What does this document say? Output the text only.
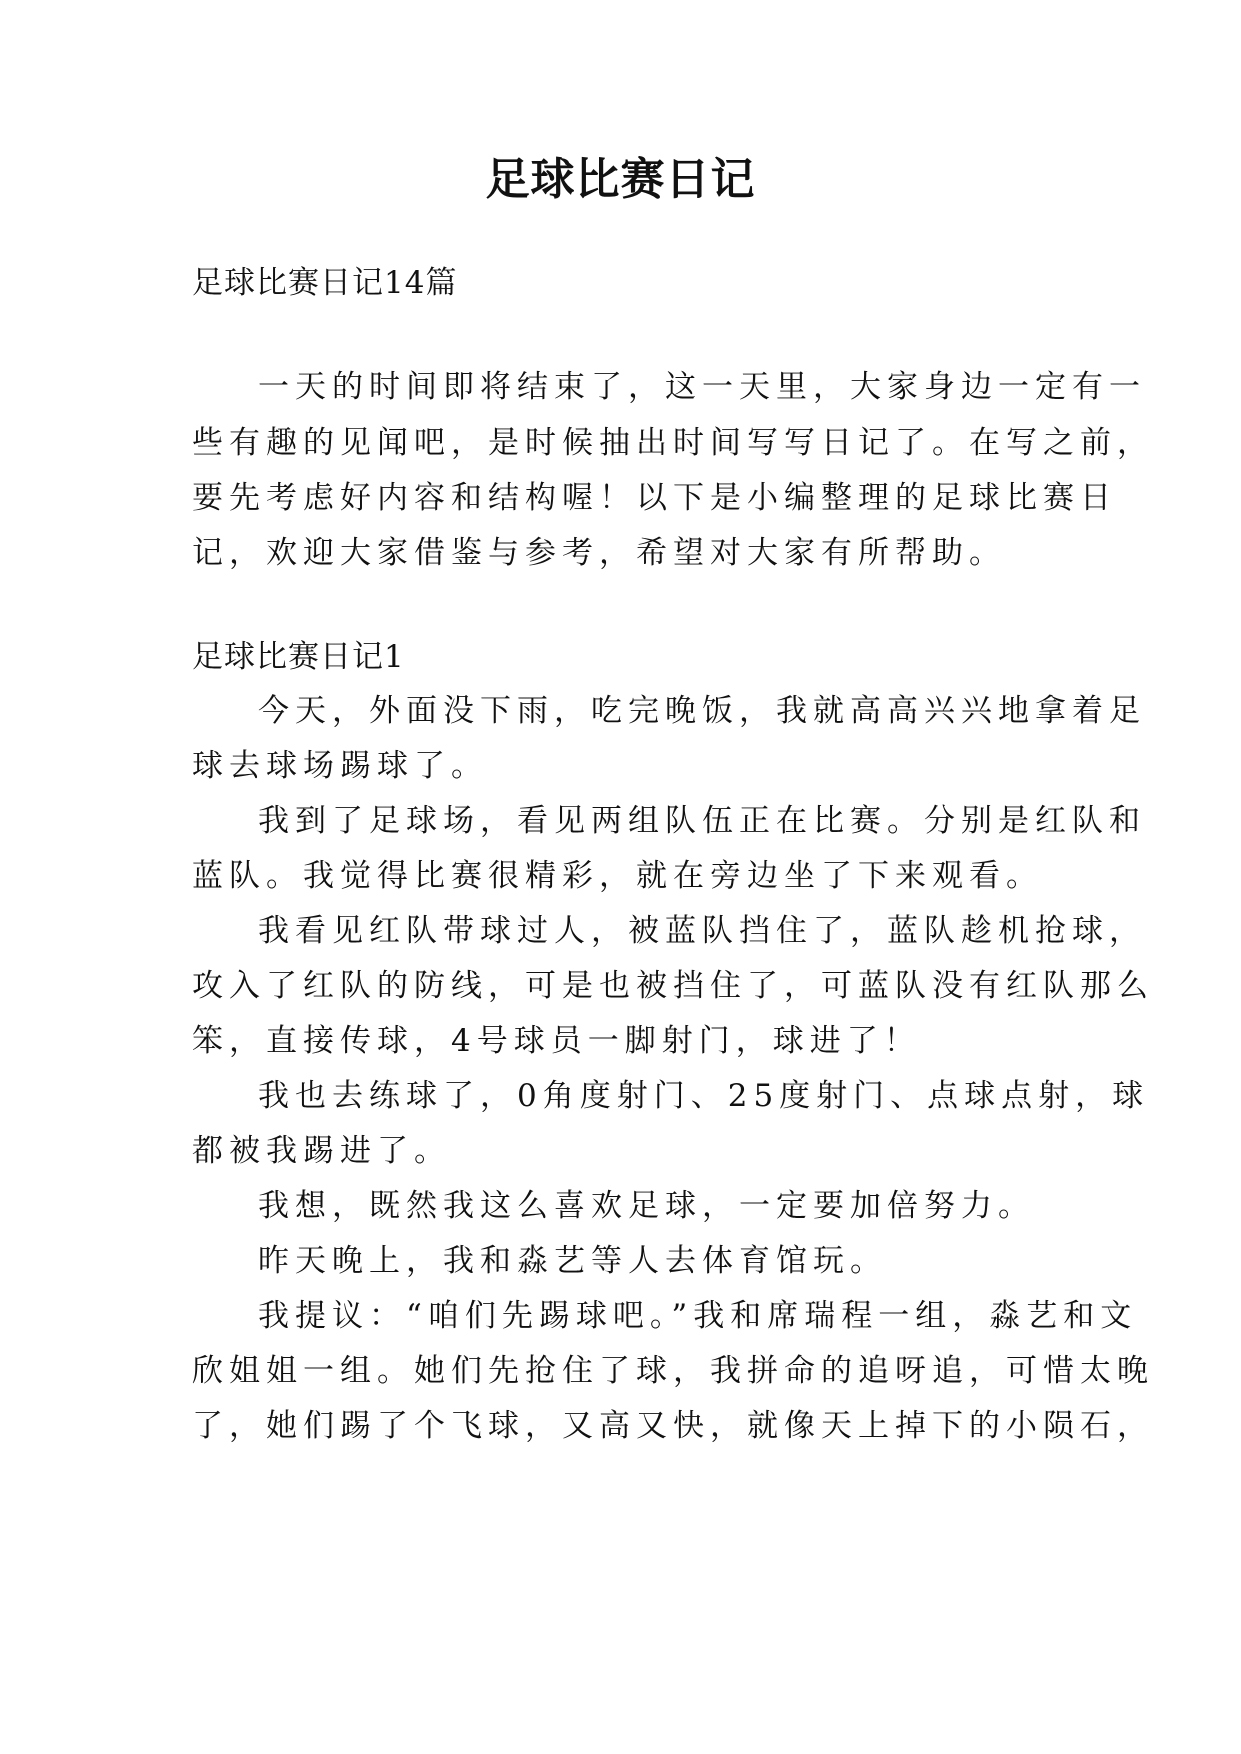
足球比赛日记

足球比赛日记14篇

一天的时间即将结束了，这一天里，大家身边一定有一

些有趣的见闻吧，是时候抽出时间写写日记了。在写之前，

要先考虑好内容和结构喔！以下是小编整理的足球比赛日

记，欢迎大家借鉴与参考，希望对大家有所帮助。

足球比赛日记1

今天，外面没下雨，吃完晚饭，我就高高兴兴地拿着足

球去球场踢球了。

我到了足球场，看见两组队伍正在比赛。分别是红队和

蓝队。我觉得比赛很精彩，就在旁边坐了下来观看。

我看见红队带球过人，被蓝队挡住了，蓝队趁机抢球，

攻入了红队的防线，可是也被挡住了，可蓝队没有红队那么

笨，直接传球，4号球员一脚射门，球进了！

我也去练球了，0角度射门、25度射门、点球点射，球

都被我踢进了。

我想，既然我这么喜欢足球，一定要加倍努力。

昨天晚上，我和淼艺等人去体育馆玩。

我提议：“咱们先踢球吧。”我和席瑞程一组，淼艺和文

欣姐姐一组。她们先抢住了球，我拼命的追呀追，可惜太晚

了，她们踢了个飞球，又高又快，就像天上掉下的小陨石，
